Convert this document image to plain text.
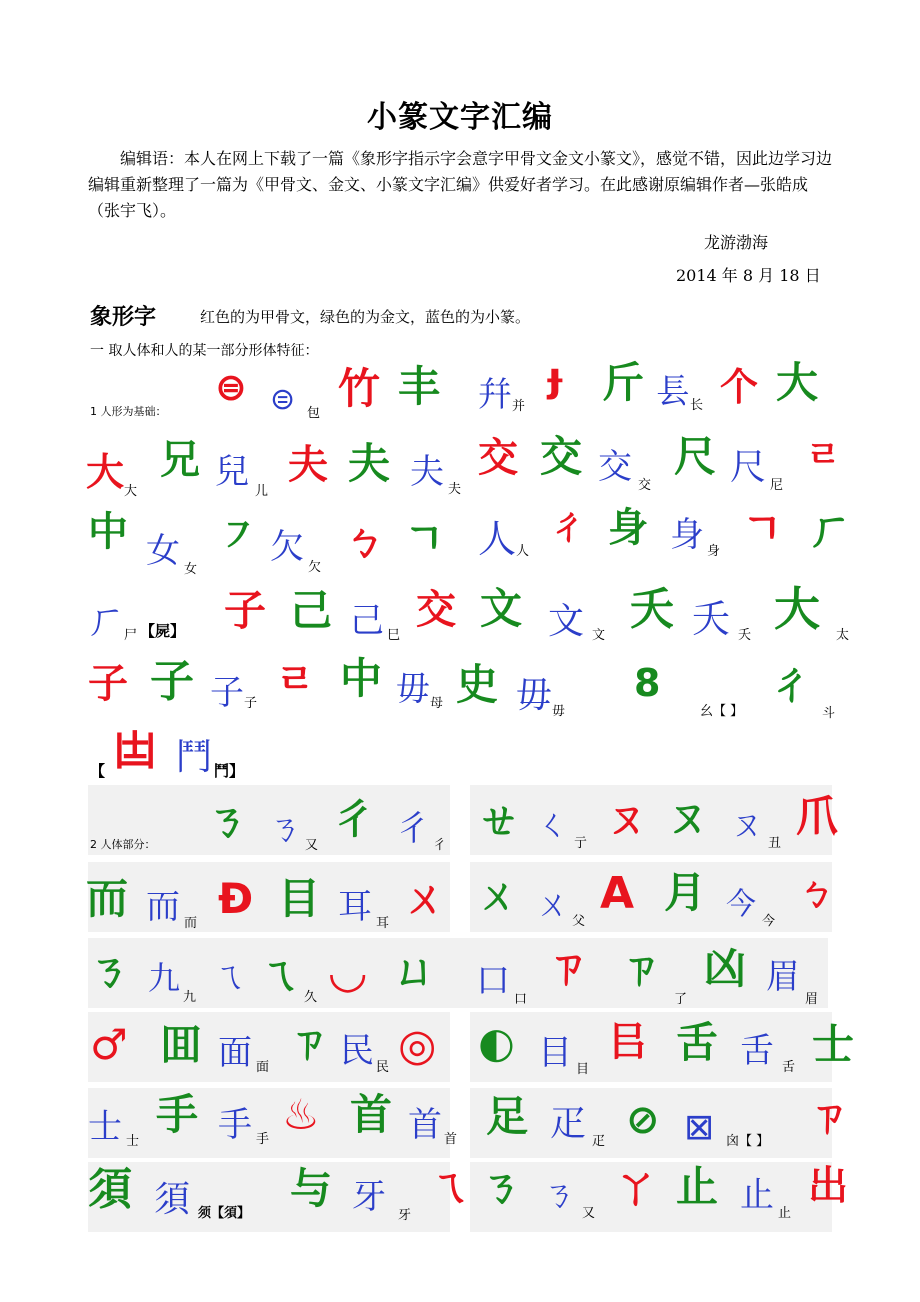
小篆文字汇编
编辑语：本人在网上下载了一篇《象形字指示字会意字甲骨文金文小篆文》，感觉不错，因此边学习边编辑重新整理了一篇为《甲骨文、金文、小篆文字汇编》供爱好者学习。在此感谢原编辑作者—张皓成（张宇飞）。
龙游渤海
2014 年 8 月 18 日
象形字	红色的为甲骨文，绿色的为金文，蓝色的为小篆。
一 取人体和人的某一部分形体特征：
1 人形为基础：
⊜ ⊜ 包
竹 丰 幷 并
ɟ 斤 镸 长 个 大
大 大
兄 兒 儿
夫 夫 夫 夫
交 交 交 交
尺 尺 尼
ㄹ
中 女 女
㇇ 欠
欠
ㄅ ㄱ 人 人
ㄔ 身 身 身 ㄱ ㄏ
ㄏ
尸 【屍】 子 己 己 巳
交 文 文 文
夭 夭 夭 大 太
子 子 子 子
ㄹ 中 毋 母 史 毋 毋
8
幺【 】
ㄔ
斗
【 𠙽 鬥 鬥】
2 人体部分： ㄋ ㄋ 又
彳 彳 彳
ㄝ ㄑ 亍
ㄡ ㄡ ㄡ 丑
爪
而 而 而
Ð 目 耳 耳
ㄨ ㄨ ㄨ 父
A 月 今 今
ㄅ
ㄋ 九
九
ㄟ ㄟ 久 ◡ ㄩ 口 口
ㄗ ㄗ
了
凶 眉
眉
♂ 囬 面 面
ㄗ 民 民 ◎ ◐ 目 目
㠯 舌 舌 舌 士
士 士
手 手 手
♨ 首 首 首 足 疋 疋 ⊘ ⊠ 囟【 】
ㄗ
須 須 须【須】
与 牙 牙
ㄟ ㄋ ㄋ 又
ㄚ 止 止 止
出
